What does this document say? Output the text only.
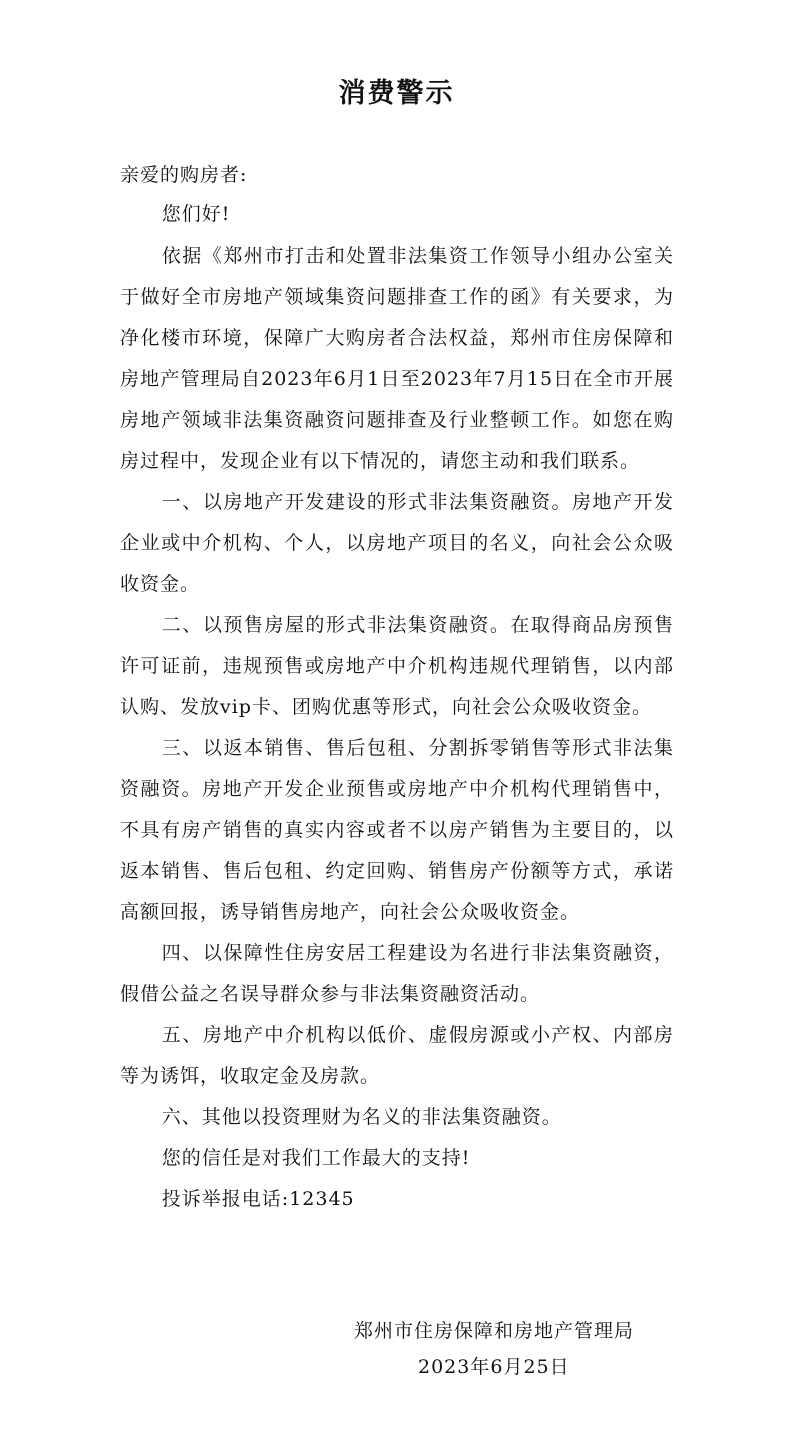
消费警示
亲爱的购房者:

您们好!

依据《郑州市打击和处置非法集资工作领导小组办公室关于做好全市房地产领域集资问题排查工作的函》有关要求，为净化楼市环境，保障广大购房者合法权益，郑州市住房保障和房地产管理局自2023年6月1日至2023年7月15日在全市开展房地产领域非法集资融资问题排查及行业整顿工作。如您在购房过程中，发现企业有以下情况的，请您主动和我们联系。

一、以房地产开发建设的形式非法集资融资。房地产开发企业或中介机构、个人，以房地产项目的名义，向社会公众吸收资金。

二、以预售房屋的形式非法集资融资。在取得商品房预售许可证前，违规预售或房地产中介机构违规代理销售，以内部认购、发放vip卡、团购优惠等形式，向社会公众吸收资金。

三、以返本销售、售后包租、分割拆零销售等形式非法集资融资。房地产开发企业预售或房地产中介机构代理销售中，不具有房产销售的真实内容或者不以房产销售为主要目的，以返本销售、售后包租、约定回购、销售房产份额等方式，承诺高额回报，诱导销售房地产，向社会公众吸收资金。

四、以保障性住房安居工程建设为名进行非法集资融资，假借公益之名误导群众参与非法集资融资活动。

五、房地产中介机构以低价、虚假房源或小产权、内部房等为诱饵，收取定金及房款。

六、其他以投资理财为名义的非法集资融资。

您的信任是对我们工作最大的支持!

投诉举报电话:12345

郑州市住房保障和房地产管理局
2023年6月25日
